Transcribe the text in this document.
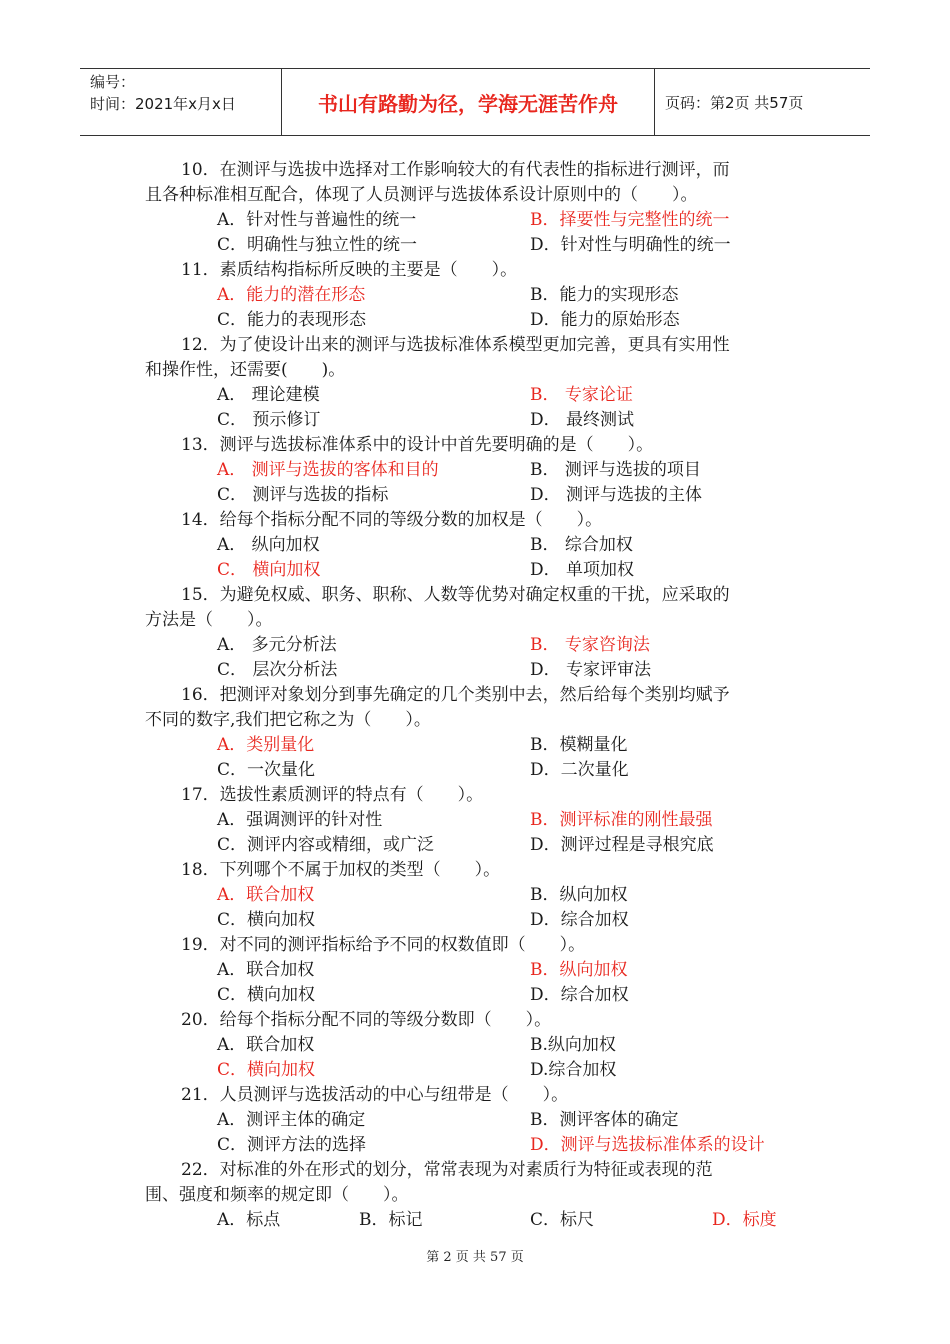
编号：
时间：2021年x月x日	书山有路勤为径，学海无涯苦作舟	页码：第2页 共57页
10．在测评与选拔中选择对工作影响较大的有代表性的指标进行测评，而
且各种标准相互配合，体现了人员测评与选拔体系设计原则中的（　　）。
A．针对性与普遍性的统一	B．择要性与完整性的统一
C．明确性与独立性的统一	D．针对性与明确性的统一
11．素质结构指标所反映的主要是（　　）。
A．能力的潜在形态	B．能力的实现形态
C．能力的表现形态	D．能力的原始形态
12．为了使设计出来的测评与选拔标准体系模型更加完善，更具有实用性
和操作性，还需要(　　)。
A． 理论建模	B． 专家论证
C． 预示修订	D． 最终测试
13．测评与选拔标准体系中的设计中首先要明确的是（　　）。
A． 测评与选拔的客体和目的	B． 测评与选拔的项目
C． 测评与选拔的指标	D． 测评与选拔的主体
14．给每个指标分配不同的等级分数的加权是（　　）。
A． 纵向加权	B． 综合加权
C． 横向加权	D． 单项加权
15．为避免权威、职务、职称、人数等优势对确定权重的干扰，应采取的
方法是（　　）。
A． 多元分析法	B． 专家咨询法
C． 层次分析法	D． 专家评审法
16．把测评对象划分到事先确定的几个类别中去，然后给每个类别均赋予
不同的数字,我们把它称之为（　　）。
A．类别量化	B．模糊量化
C．一次量化	D．二次量化
17．选拔性素质测评的特点有（　　）。
A．强调测评的针对性	B．测评标准的刚性最强
C．测评内容或精细，或广泛	D．测评过程是寻根究底
18．下列哪个不属于加权的类型（　　）。
A．联合加权	B．纵向加权
C．横向加权	D．综合加权
19．对不同的测评指标给予不同的权数值即（　　）。
A．联合加权	B．纵向加权
C．横向加权	D．综合加权
20．给每个指标分配不同的等级分数即（　　）。
A．联合加权	B.纵向加权
C．横向加权	D.综合加权
21．人员测评与选拔活动的中心与纽带是（　　）。
A．测评主体的确定	B．测评客体的确定
C．测评方法的选择	D．测评与选拔标准体系的设计
22．对标准的外在形式的划分，常常表现为对素质行为特征或表现的范
围、强度和频率的规定即（　　）。
A．标点	B．标记	C．标尺	D．标度
第 2 页 共 57 页
